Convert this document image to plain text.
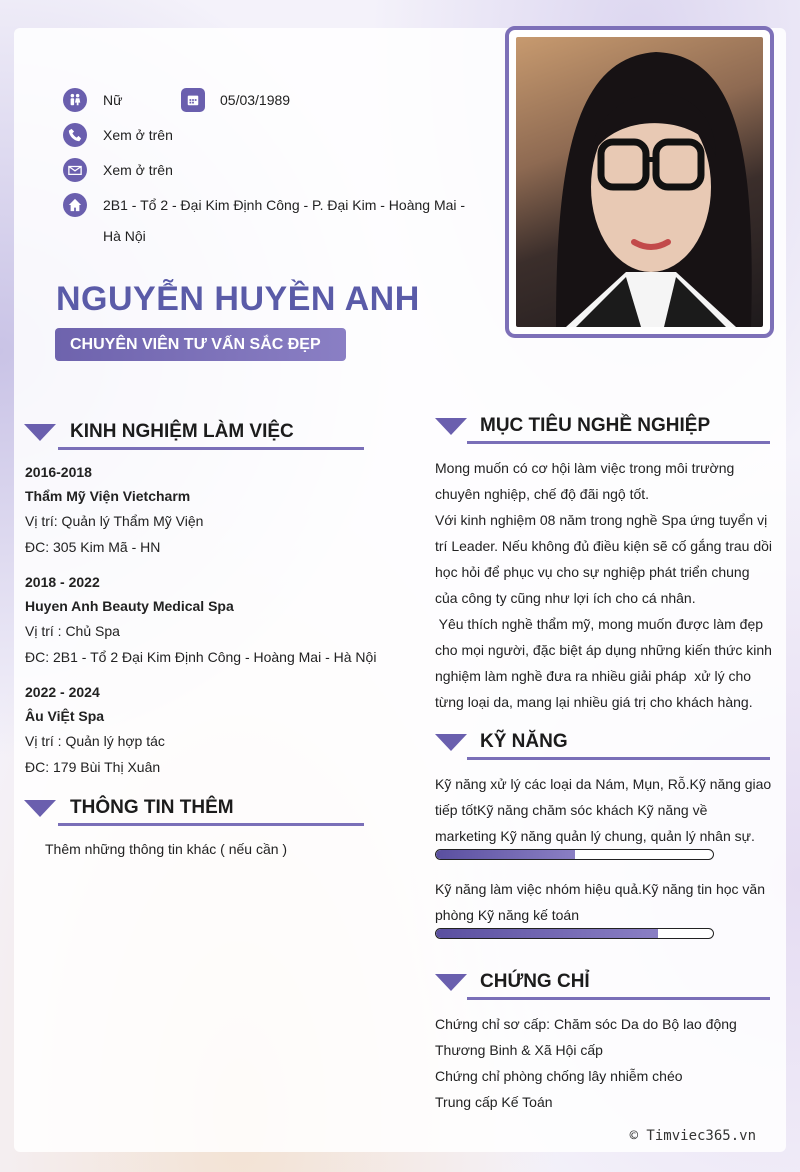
Nữ	05/03/1989
Xem ở trên
Xem ở trên
2B1 - Tổ 2 - Đại Kim Định Công - P. Đại Kim - Hoàng Mai -
Hà Nội
NGUYỄN HUYỀN ANH
CHUYÊN VIÊN TƯ VẤN SẮC ĐẸP
KINH NGHIỆM LÀM VIỆC
2016-2018
Thẩm Mỹ Viện Vietcharm
Vị trí: Quản lý Thẩm Mỹ Viện
ĐC: 305 Kim Mã - HN
2018 - 2022
Huyen Anh Beauty Medical Spa
Vị trí : Chủ Spa
ĐC: 2B1 - Tổ 2 Đại Kim Định Công - Hoàng Mai - Hà Nội
2022 - 2024
Âu ViỆt Spa
Vị trí : Quản lý hợp tác
ĐC: 179 Bùi Thị Xuân
THÔNG TIN THÊM
Thêm những thông tin khác ( nếu cần )
MỤC TIÊU NGHỀ NGHIỆP
Mong muốn có cơ hội làm việc trong môi trường
chuyên nghiệp, chế độ đãi ngộ tốt.
Với kinh nghiệm 08 năm trong nghề Spa ứng tuyển vị
trí Leader. Nếu không đủ điều kiện sẽ cố gắng trau dồi
học hỏi để phục vụ cho sự nghiệp phát triển chung
của công ty cũng như lợi ích cho cá nhân.
Yêu thích nghề thẩm mỹ, mong muốn được làm đẹp
cho mọi người, đặc biệt áp dụng những kiến thức kinh
nghiệm làm nghề đưa ra nhiều giải pháp  xử lý cho
từng loại da, mang lại nhiều giá trị cho khách hàng.
KỸ NĂNG
Kỹ năng xử lý các loại da Nám, Mụn, Rỗ.Kỹ năng giao
tiếp tốtKỹ năng chăm sóc khách Kỹ năng về
marketing Kỹ năng quản lý chung, quản lý nhân sự.
Kỹ năng làm việc nhóm hiệu quả.Kỹ năng tin học văn
phòng Kỹ năng kế toán
CHỨNG CHỈ
Chứng chỉ sơ cấp: Chăm sóc Da do Bộ lao động
Thương Binh & Xã Hội cấp
Chứng chỉ phòng chống lây nhiễm chéo
Trung cấp Kế Toán
© Timviec365.vn
